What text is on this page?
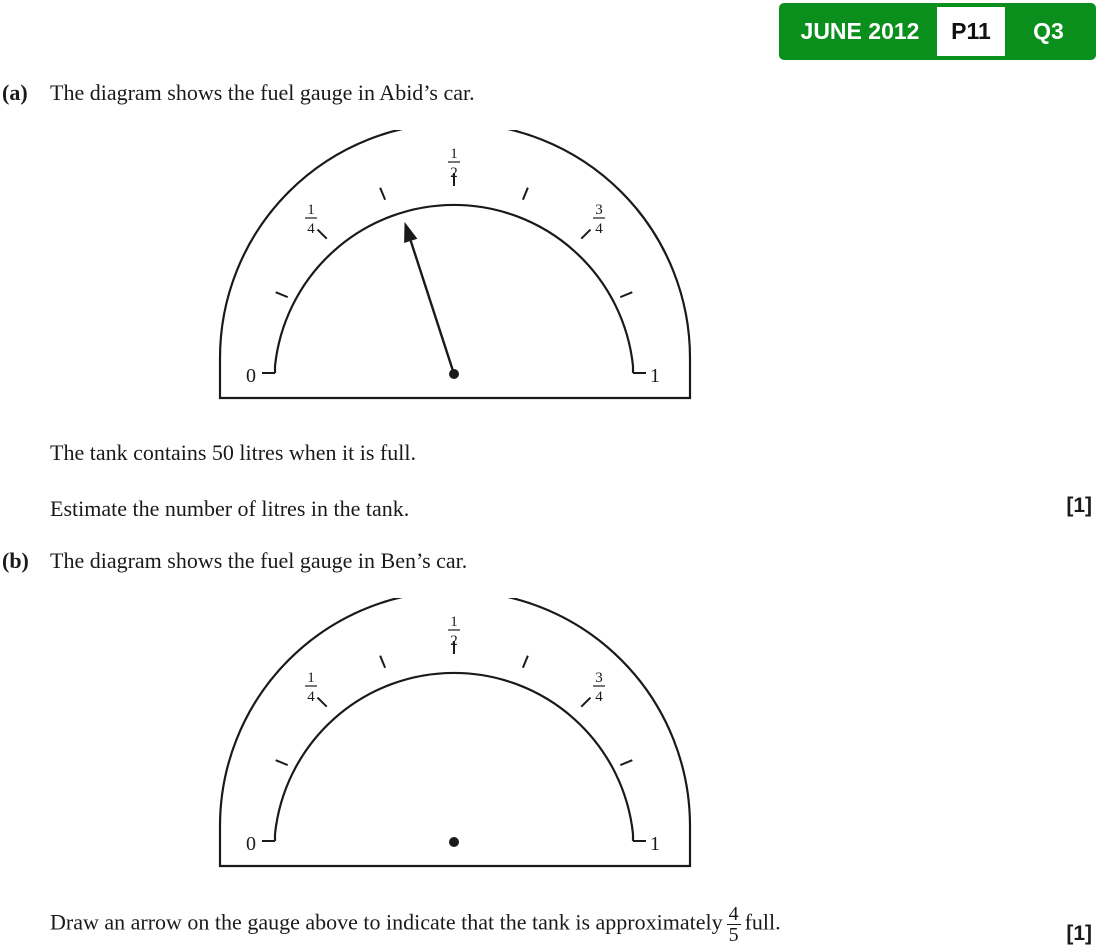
JUNE 2012	P11	Q3
(a) The diagram shows the fuel gauge in Abid’s car.
0	1
1
4
1
2
3
4
The tank contains 50 litres when it is full.
Estimate the number of litres in the tank.	[1]
(b) The diagram shows the fuel gauge in Ben’s car.
0	1
1
4
1
2
3
4
Draw an arrow on the gauge above to indicate that the tank is approximately $\frac{4}{5}$ full.	[1]
